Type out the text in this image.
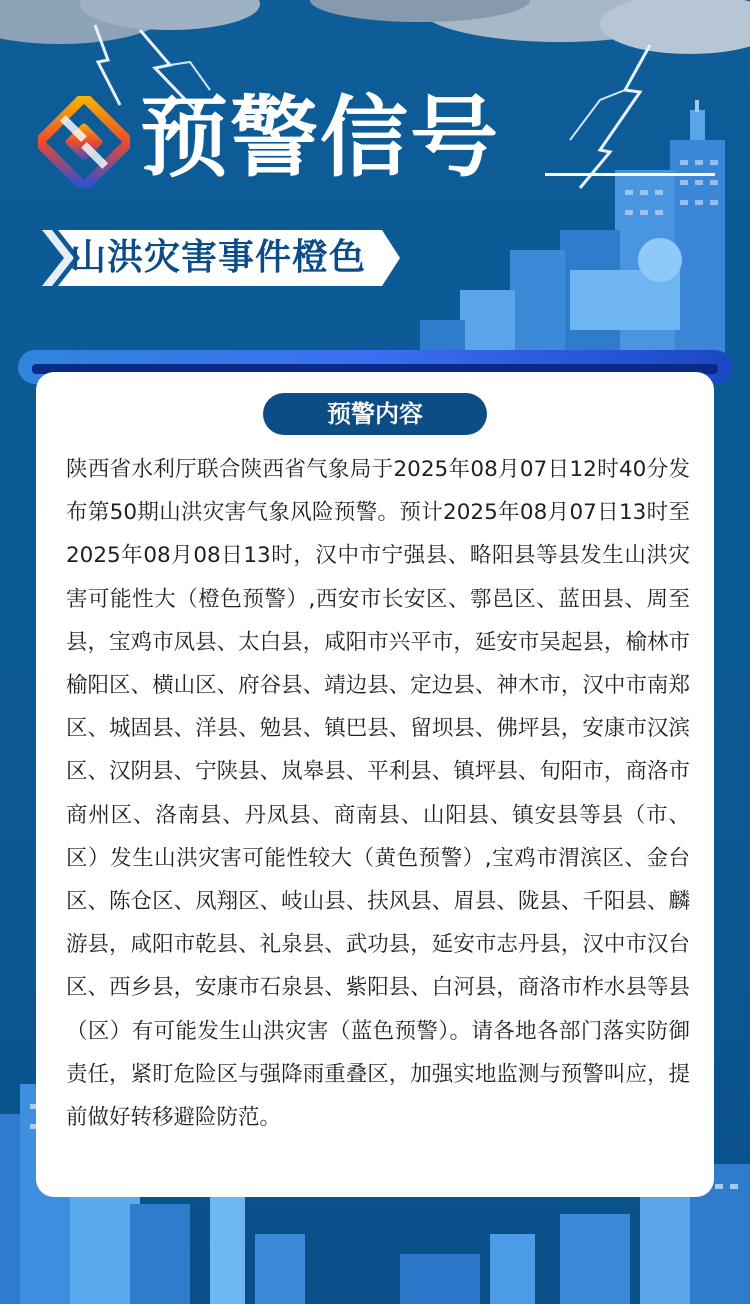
预警信号

山洪灾害事件橙色

预警内容

陕西省水利厅联合陕西省气象局于2025年08月07日12时40分发布第50期山洪灾害气象风险预警。预计2025年08月07日13时至2025年08月08日13时，汉中市宁强县、略阳县等县发生山洪灾害可能性大（橙色预警）,西安市长安区、鄠邑区、蓝田县、周至县，宝鸡市凤县、太白县，咸阳市兴平市，延安市吴起县，榆林市榆阳区、横山区、府谷县、靖边县、定边县、神木市，汉中市南郑区、城固县、洋县、勉县、镇巴县、留坝县、佛坪县，安康市汉滨区、汉阴县、宁陕县、岚皋县、平利县、镇坪县、旬阳市，商洛市商州区、洛南县、丹凤县、商南县、山阳县、镇安县等县（市、区）发生山洪灾害可能性较大（黄色预警）,宝鸡市渭滨区、金台区、陈仓区、凤翔区、岐山县、扶风县、眉县、陇县、千阳县、麟游县，咸阳市乾县、礼泉县、武功县，延安市志丹县，汉中市汉台区、西乡县，安康市石泉县、紫阳县、白河县，商洛市柞水县等县（区）有可能发生山洪灾害（蓝色预警）。请各地各部门落实防御责任，紧盯危险区与强降雨重叠区，加强实地监测与预警叫应，提前做好转移避险防范。
